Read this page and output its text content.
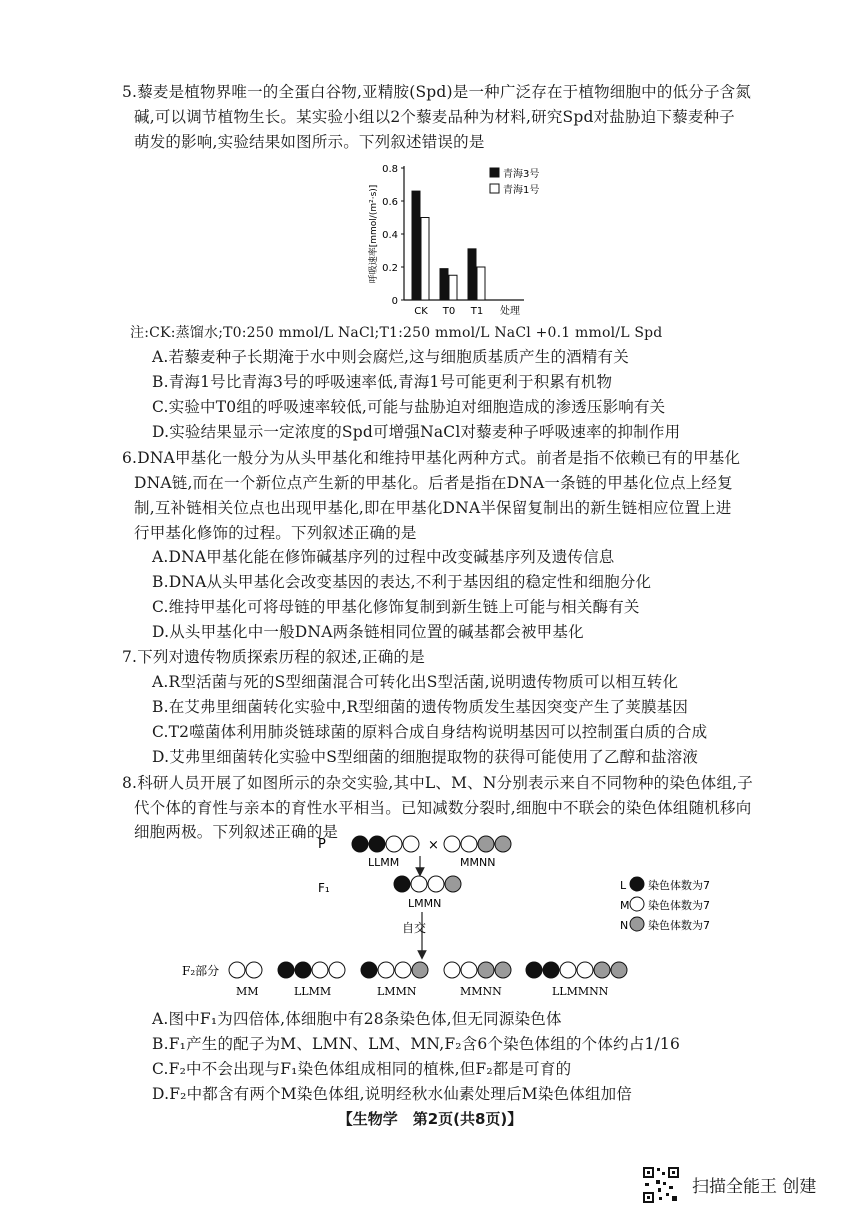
5.藜麦是植物界唯一的全蛋白谷物,亚精胺(Spd)是一种广泛存在于植物细胞中的低分子含氮
碱,可以调节植物生长。某实验小组以2个藜麦品种为材料,研究Spd对盐胁迫下藜麦种子
萌发的影响,实验结果如图所示。下列叙述错误的是
0
0.2
0.4
0.6
0.8
呼吸速率[mmol/(m²·s)]
CK T0 T1 处理
青海3号
青海1号
注:CK:蒸馏水;T0:250 mmol/L NaCl;T1:250 mmol/L NaCl +0.1 mmol/L Spd
A.若藜麦种子长期淹于水中则会腐烂,这与细胞质基质产生的酒精有关
B.青海1号比青海3号的呼吸速率低,青海1号可能更利于积累有机物
C.实验中T0组的呼吸速率较低,可能与盐胁迫对细胞造成的渗透压影响有关
D.实验结果显示一定浓度的Spd可增强NaCl对藜麦种子呼吸速率的抑制作用
6.DNA甲基化一般分为从头甲基化和维持甲基化两种方式。前者是指不依赖已有的甲基化
DNA链,而在一个新位点产生新的甲基化。后者是指在DNA一条链的甲基化位点上经复
制,互补链相关位点也出现甲基化,即在甲基化DNA半保留复制出的新生链相应位置上进
行甲基化修饰的过程。下列叙述正确的是
A.DNA甲基化能在修饰碱基序列的过程中改变碱基序列及遗传信息
B.DNA从头甲基化会改变基因的表达,不利于基因组的稳定性和细胞分化
C.维持甲基化可将母链的甲基化修饰复制到新生链上可能与相关酶有关
D.从头甲基化中一般DNA两条链相同位置的碱基都会被甲基化
7.下列对遗传物质探索历程的叙述,正确的是
A.R型活菌与死的S型细菌混合可转化出S型活菌,说明遗传物质可以相互转化
B.在艾弗里细菌转化实验中,R型细菌的遗传物质发生基因突变产生了荚膜基因
C.T2噬菌体利用肺炎链球菌的原料合成自身结构说明基因可以控制蛋白质的合成
D.艾弗里细菌转化实验中S型细菌的细胞提取物的获得可能使用了乙醇和盐溶液
8.科研人员开展了如图所示的杂交实验,其中L、M、N分别表示来自不同物种的染色体组,子
代个体的育性与亲本的育性水平相当。已知减数分裂时,细胞中不联会的染色体组随机移向
细胞两极。下列叙述正确的是
P	×
LLMM	MMNN
F₁
LMMN
自交
L 染色体数为7
M 染色体数为7
N 染色体数为7
F₂部分
MM	LLMM	LMMN	MMNN	LLMMNN
A.图中F₁为四倍体,体细胞中有28条染色体,但无同源染色体
B.F₁产生的配子为M、LMN、LM、MN,F₂含6个染色体组的个体约占1/16
C.F₂中不会出现与F₁染色体组成相同的植株,但F₂都是可育的
D.F₂中都含有两个M染色体组,说明经秋水仙素处理后M染色体组加倍
【生物学　第2页(共8页)】
扫描全能王 创建
